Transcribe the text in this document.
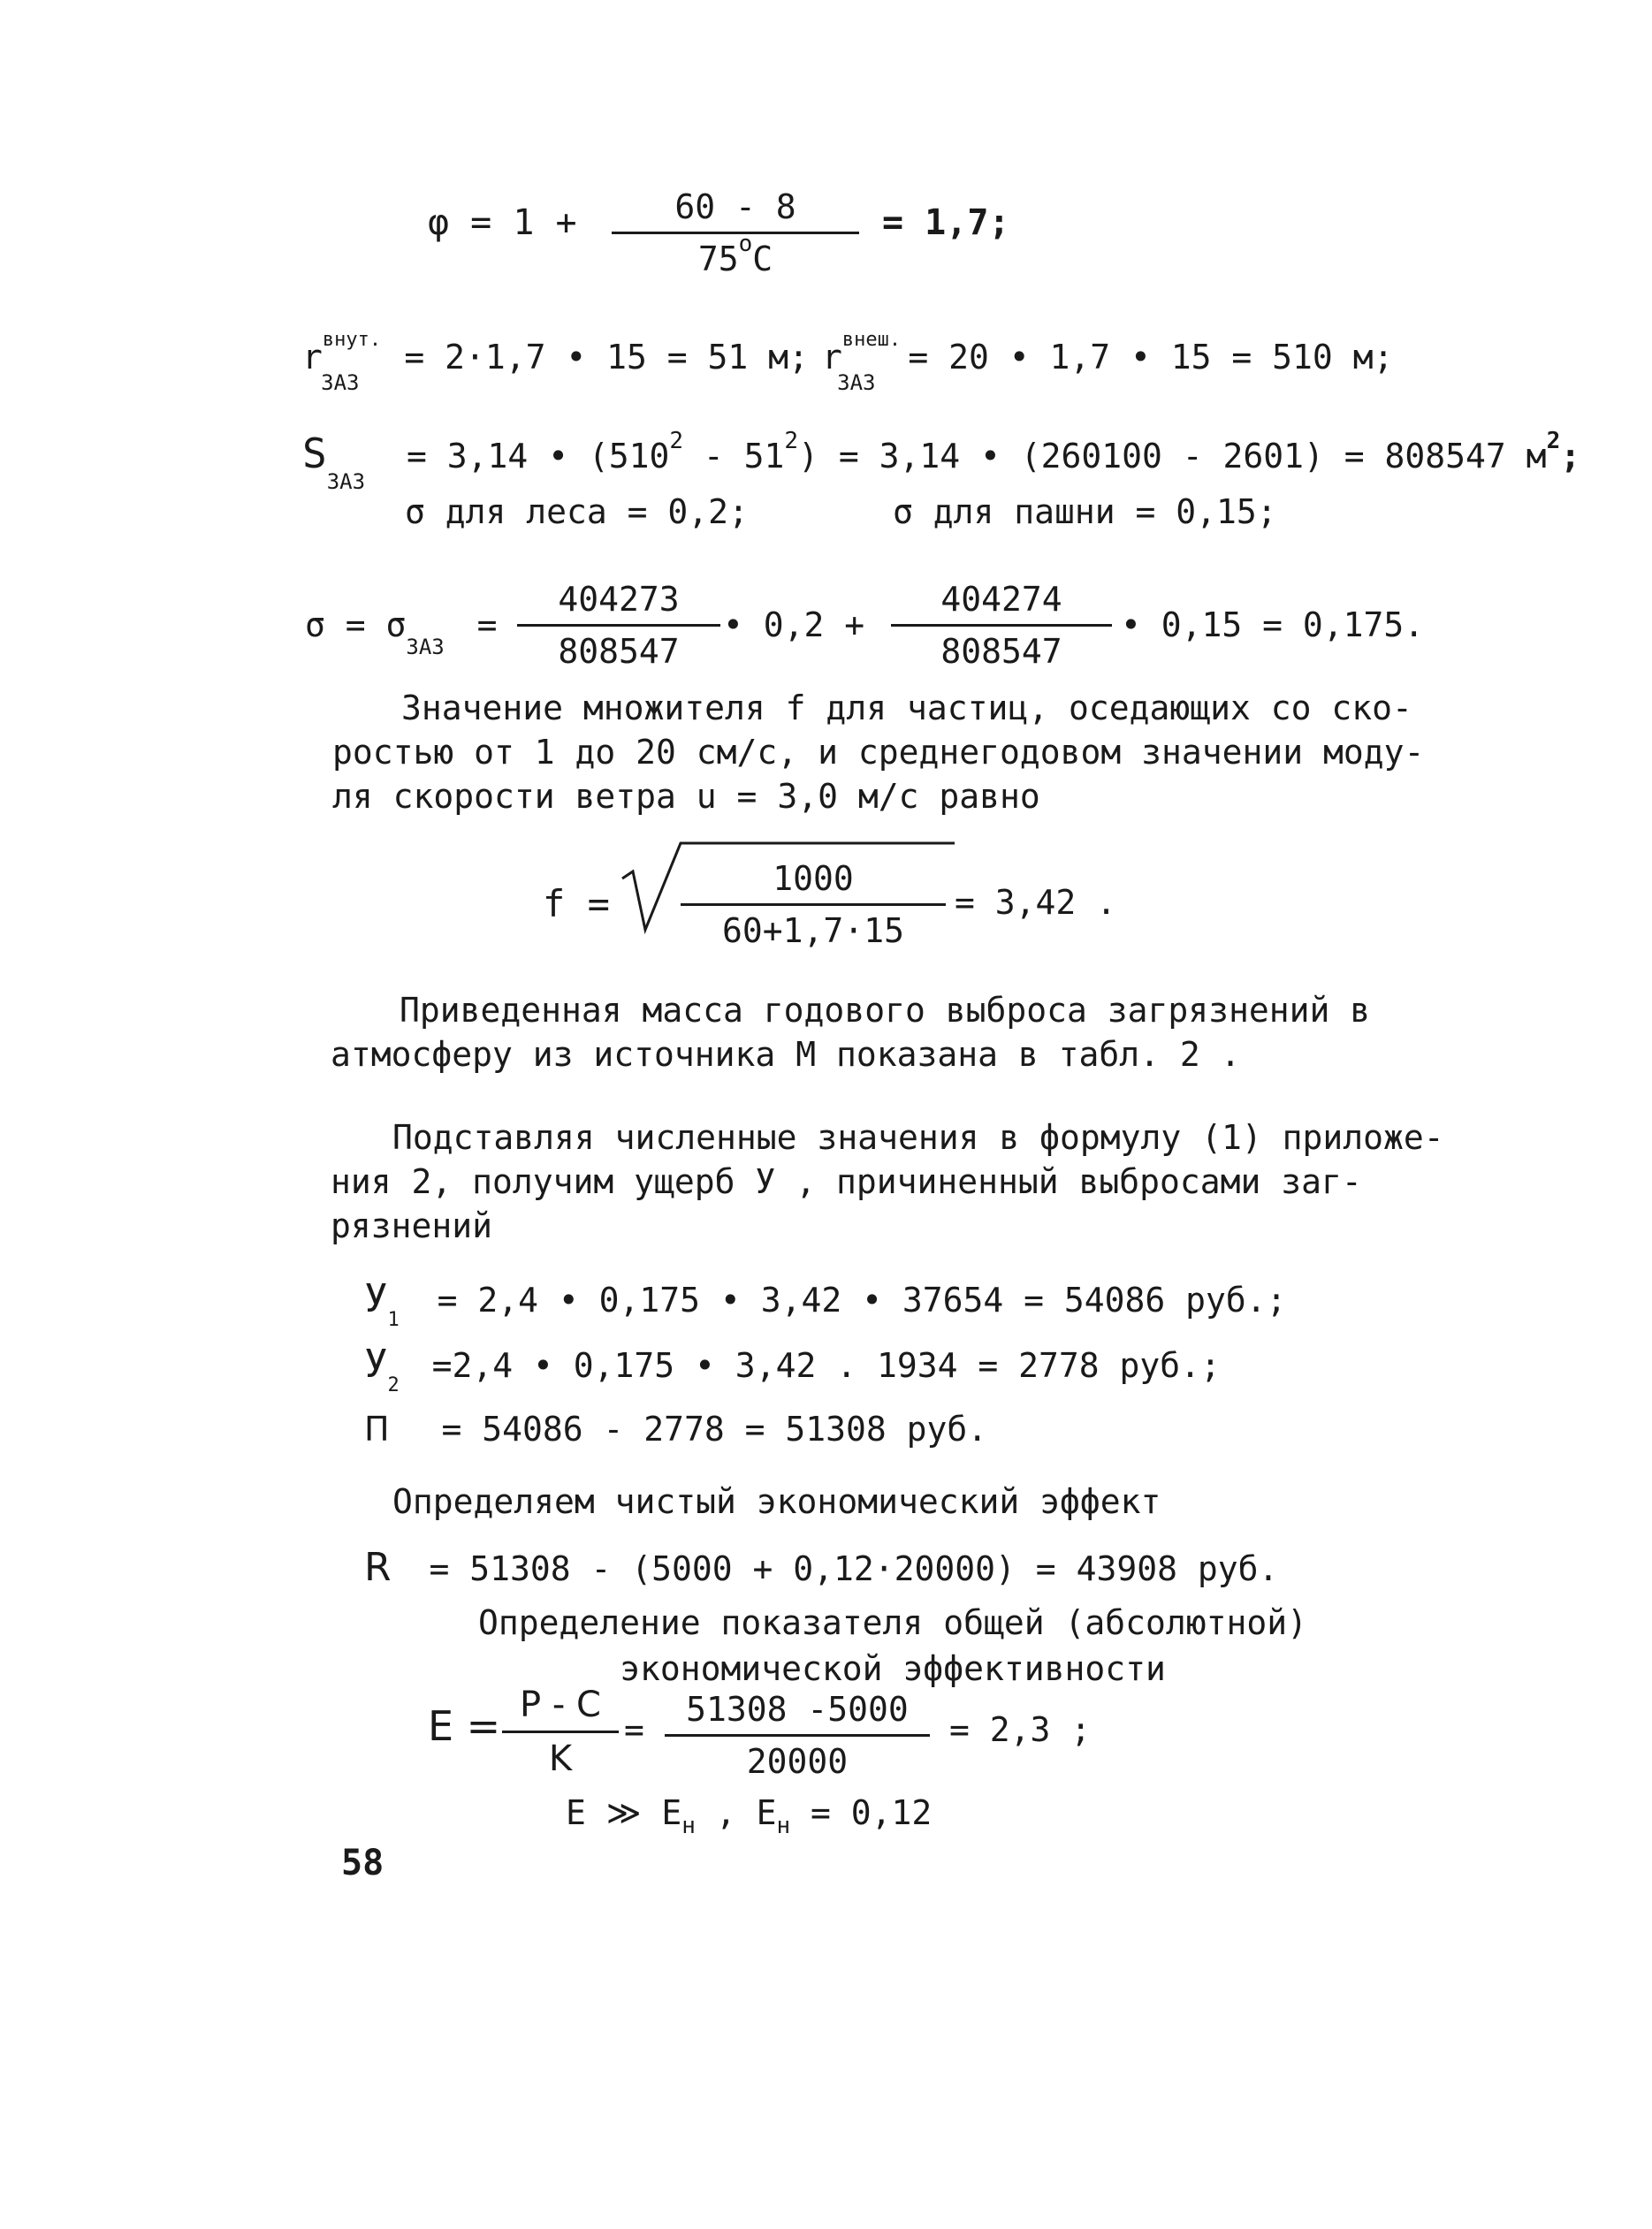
$\varphi = 1 + \frac{60 - 8}{75^oC} = 1,7$;
$r^{внут.}_{ЗАЗ} = 2\cdot 1,7$ • 15 = 51 м; $r^{внеш.}_{ЗАЗ} = 20$ • 1,7 • 15 = 510 м;
$S_{ЗАЗ} = 3,14$ • $(510^2 - 51^2) = 3,14$ • (260100 - 2601) = 808547 $м^2$;
σ для леса = 0,2;	σ для пашни = 0,15;
$\sigma = \sigma_{ЗАЗ} = \frac{404273}{808547}$ • $0,2 + \frac{404274}{808547}$ • 0,15 = 0,175.
Значение множителя f для частиц, оседающих со ско-
ростью от 1 до 20 см/с, и среднегодовом значении моду-
ля скорости ветра u = 3,0 м/с равно
$f = \frac{1000}{60+1,7\cdot 15} = 3,42$ .
Приведенная масса годового выброса загрязнений в
атмосферу из источника M показана в табл. 2 .
Подставляя численные значения в формулу (1) приложе-
ния 2, получим ущерб У , причиненный выбросами заг-
рязнений
$У_1 = 2,4$ • 0,175 • 3,42 • 37654 = 54086 руб.;
$У_2 =2,4$ • 0,175 • 3,42 . 1934 = 2778 руб.;
П = 54086 - 2778 = 51308 руб.
Определяем чистый экономический эффект
R = 51308 - (5000 + 0,12·20000) = 43908 руб.
Определение показателя общей (абсолютной)
экономической эффективности
$E = \frac{P - C}{K} = \frac{51308 -5000}{20000} = 2,3$ ;
E ≫ $E_н$ , $E_н = 0,12$
58
